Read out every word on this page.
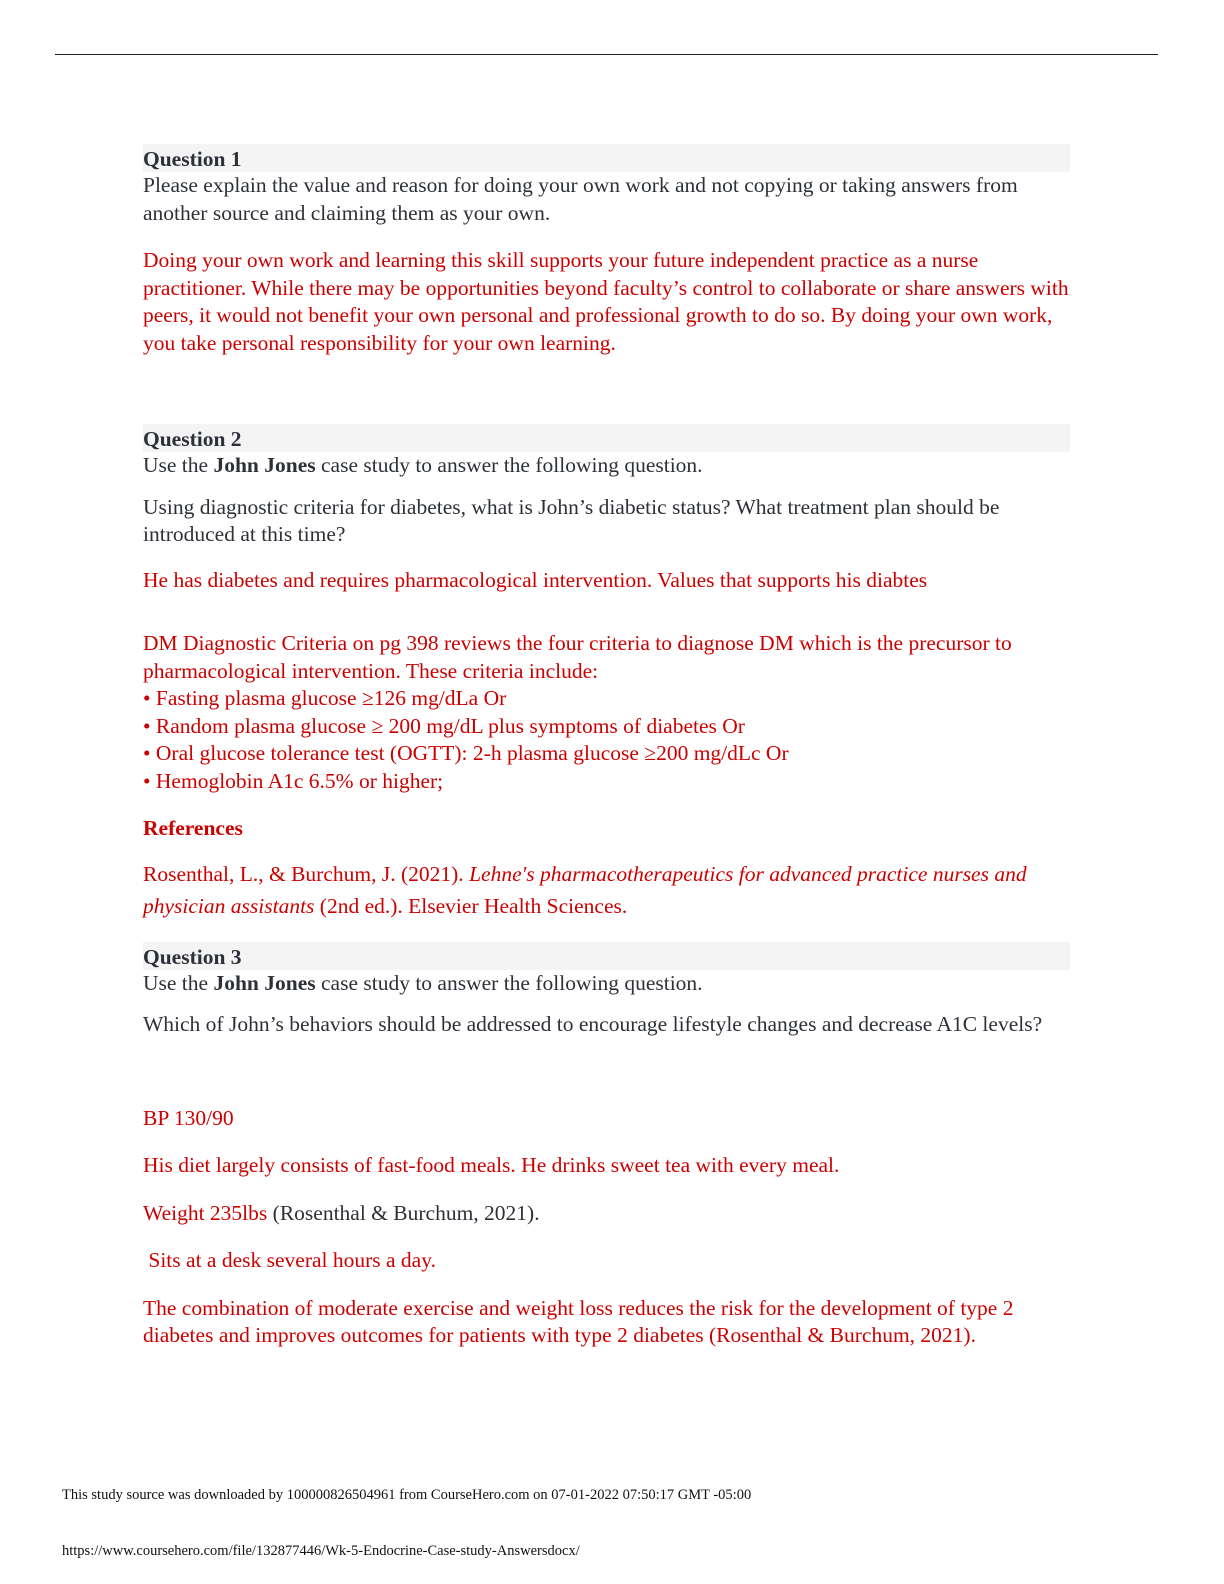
Question 1

Please explain the value and reason for doing your own work and not copying or taking answers from another source and claiming them as your own.

Doing your own work and learning this skill supports your future independent practice as a nurse practitioner. While there may be opportunities beyond faculty’s control to collaborate or share answers with peers, it would not benefit your own personal and professional growth to do so. By doing your own work, you take personal responsibility for your own learning.

Question 2

Use the John Jones case study to answer the following question.

Using diagnostic criteria for diabetes, what is John’s diabetic status? What treatment plan should be introduced at this time?

He has diabetes and requires pharmacological intervention. Values that supports his diabtes

DM Diagnostic Criteria on pg 398 reviews the four criteria to diagnose DM which is the precursor to pharmacological intervention. These criteria include:

• Fasting plasma glucose ≥126 mg/dLa Or
• Random plasma glucose ≥ 200 mg/dL plus symptoms of diabetes Or
• Oral glucose tolerance test (OGTT): 2-h plasma glucose ≥200 mg/dLc Or
• Hemoglobin A1c 6.5% or higher;

References

Rosenthal, L., & Burchum, J. (2021). Lehne's pharmacotherapeutics for advanced practice nurses and physician assistants (2nd ed.). Elsevier Health Sciences.

Question 3

Use the John Jones case study to answer the following question.

Which of John’s behaviors should be addressed to encourage lifestyle changes and decrease A1C levels?

BP 130/90

His diet largely consists of fast-food meals. He drinks sweet tea with every meal.

Weight 235lbs (Rosenthal & Burchum, 2021).

Sits at a desk several hours a day.

The combination of moderate exercise and weight loss reduces the risk for the development of type 2 diabetes and improves outcomes for patients with type 2 diabetes (Rosenthal & Burchum, 2021).

This study source was downloaded by 100000826504961 from CourseHero.com on 07-01-2022 07:50:17 GMT -05:00
https://www.coursehero.com/file/132877446/Wk-5-Endocrine-Case-study-Answersdocx/
